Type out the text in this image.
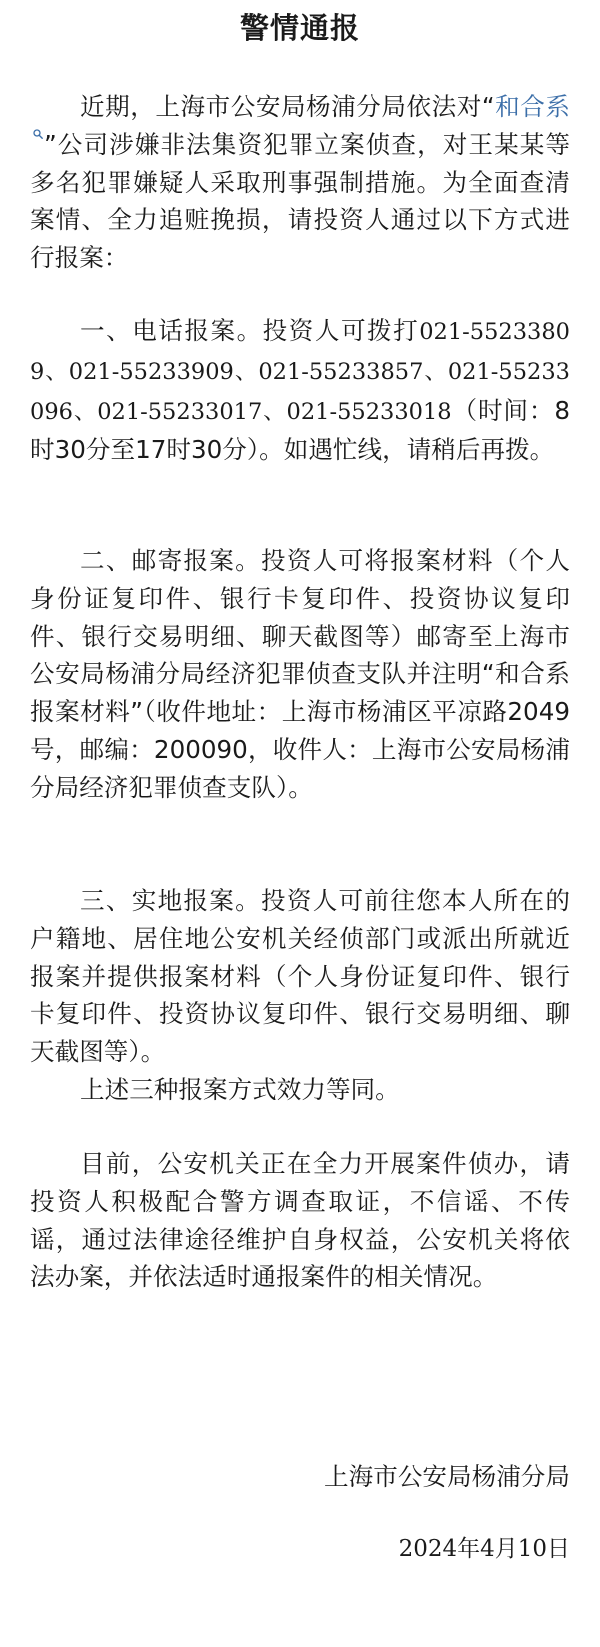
警情通报

近期，上海市公安局杨浦分局依法对“和合系”公司涉嫌非法集资犯罪立案侦查，对王某某等多名犯罪嫌疑人采取刑事强制措施。为全面查清案情、全力追赃挽损，请投资人通过以下方式进行报案：

一、电话报案。投资人可拨打021-55233809、021-55233909、021-55233857、021-55233096、021-55233017、021-55233018（时间：8时30分至17时30分）。如遇忙线，请稍后再拨。

二、邮寄报案。投资人可将报案材料（个人身份证复印件、银行卡复印件、投资协议复印件、银行交易明细、聊天截图等）邮寄至上海市公安局杨浦分局经济犯罪侦查支队并注明“和合系报案材料”（收件地址：上海市杨浦区平凉路2049号，邮编：200090，收件人：上海市公安局杨浦分局经济犯罪侦查支队）。

三、实地报案。投资人可前往您本人所在的户籍地、居住地公安机关经侦部门或派出所就近报案并提供报案材料（个人身份证复印件、银行卡复印件、投资协议复印件、银行交易明细、聊天截图等）。

上述三种报案方式效力等同。

目前，公安机关正在全力开展案件侦办，请投资人积极配合警方调查取证，不信谣、不传谣，通过法律途径维护自身权益，公安机关将依法办案，并依法适时通报案件的相关情况。

上海市公安局杨浦分局
2024年4月10日
